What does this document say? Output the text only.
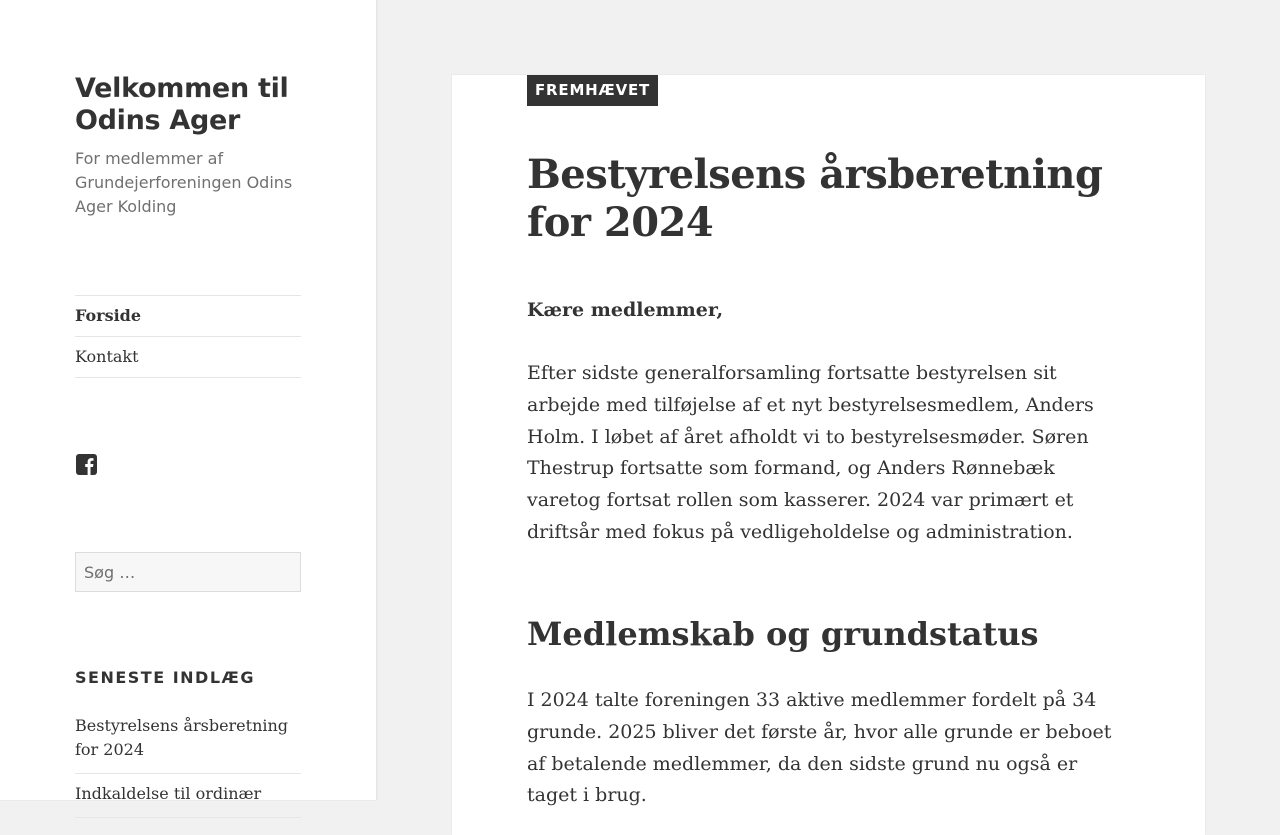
Velkommen til Odins Ager

For medlemmer af Grundejerforeningen Odins Ager Kolding

Forside
Kontakt
Søg …
SENESTE INDLÆG
Bestyrelsens årsberetning for 2024
Indkaldelse til ordinær
FREMHÆVET
Bestyrelsens årsberetning for 2024

Kære medlemmer,

Efter sidste generalforsamling fortsatte bestyrelsen sit arbejde med tilføjelse af et nyt bestyrelsesmedlem, Anders Holm. I løbet af året afholdt vi to bestyrelsesmøder. Søren Thestrup fortsatte som formand, og Anders Rønnebæk varetog fortsat rollen som kasserer. 2024 var primært et driftsår med fokus på vedligeholdelse og administration.

Medlemskab og grundstatus

I 2024 talte foreningen 33 aktive medlemmer fordelt på 34 grunde. 2025 bliver det første år, hvor alle grunde er beboet af betalende medlemmer, da den sidste grund nu også er taget i brug.
